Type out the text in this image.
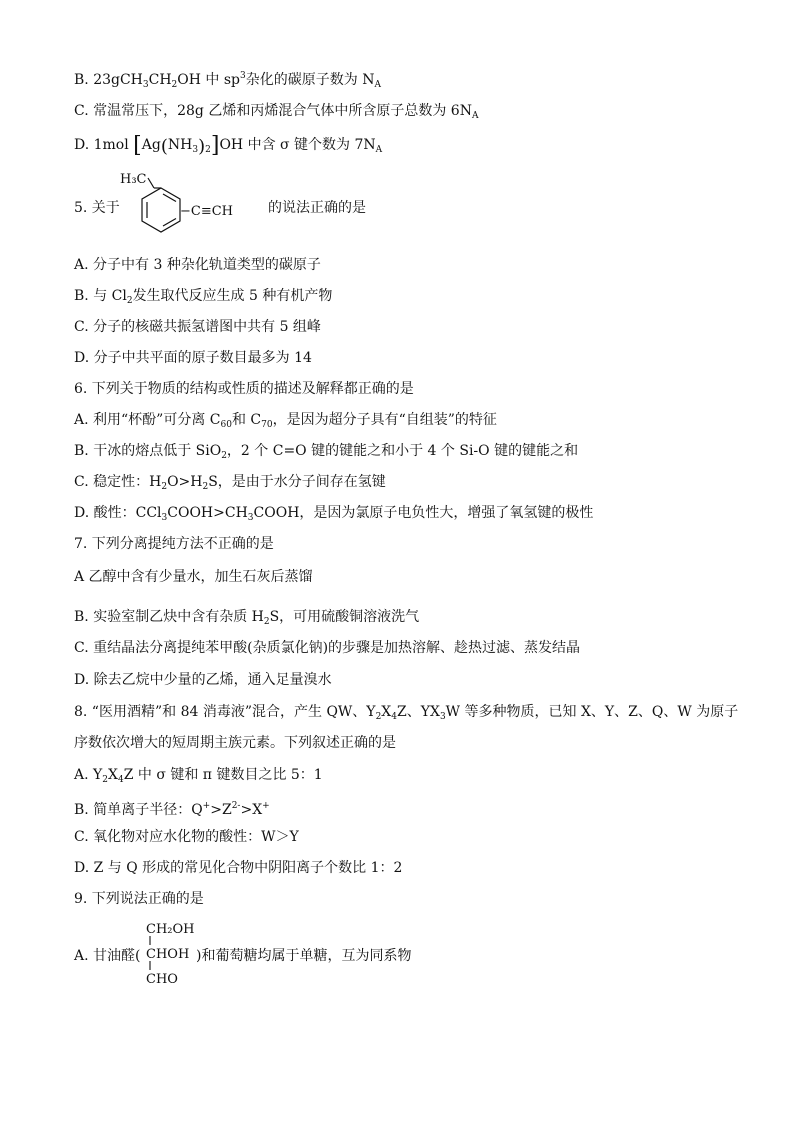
B. $23gCH_3CH_2OH$ 中 $sp^3$杂化的碳原子数为 $N_A$
C. 常温常压下，28g 乙烯和丙烯混合气体中所含原子总数为 $6N_A$
D. 1mol $[Ag(NH_3)_2]OH$ 中含 σ 键个数为 $7N_A$
5. 关于
H₃C
−C≡CH 的说法正确的是
A. 分子中有 3 种杂化轨道类型的碳原子
B. 与 $Cl_2$发生取代反应生成 5 种有机产物
C. 分子的核磁共振氢谱图中共有 5 组峰
D. 分子中共平面的原子数目最多为 14
6. 下列关于物质的结构或性质的描述及解释都正确的是
A. 利用“杯酚”可分离 $C_{60}$和 $C_{70}$，是因为超分子具有“自组装”的特征
B. 干冰的熔点低于 SiO$_2$，2 个 C=O 键的键能之和小于 4 个 Si-O 键的键能之和
C. 稳定性：$H_2O>H_2S$，是由于水分子间存在氢键
D. 酸性：$CCl_3COOH>CH_3COOH$，是因为氯原子电负性大，增强了氧氢键的极性
7. 下列分离提纯方法不正确的是
A 乙醇中含有少量水，加生石灰后蒸馏
B. 实验室制乙炔中含有杂质 $H_2S$，可用硫酸铜溶液洗气
C. 重结晶法分离提纯苯甲酸(杂质氯化钠)的步骤是加热溶解、趁热过滤、蒸发结晶
D. 除去乙烷中少量的乙烯，通入足量溴水
8. “医用酒精”和 84 消毒液”混合，产生 QW、$Y_2X_4Z$、$YX_3W$ 等多种物质，已知 X、Y、Z、Q、W 为原子
序数依次增大的短周期主族元素。下列叙述正确的是
A. $Y_2X_4Z$ 中 σ 键和 π 键数目之比 5：1
B. 简单离子半径：$Q^+>Z^{2-}>X^+$
C. 氧化物对应水化物的酸性：W＞Y
D. Z 与 Q 形成的常见化合物中阴阳离子个数比 1：2
9. 下列说法正确的是
A. 甘油醛(
CH₂OH
CHOH
CHO
)和葡萄糖均属于单糖，互为同系物
